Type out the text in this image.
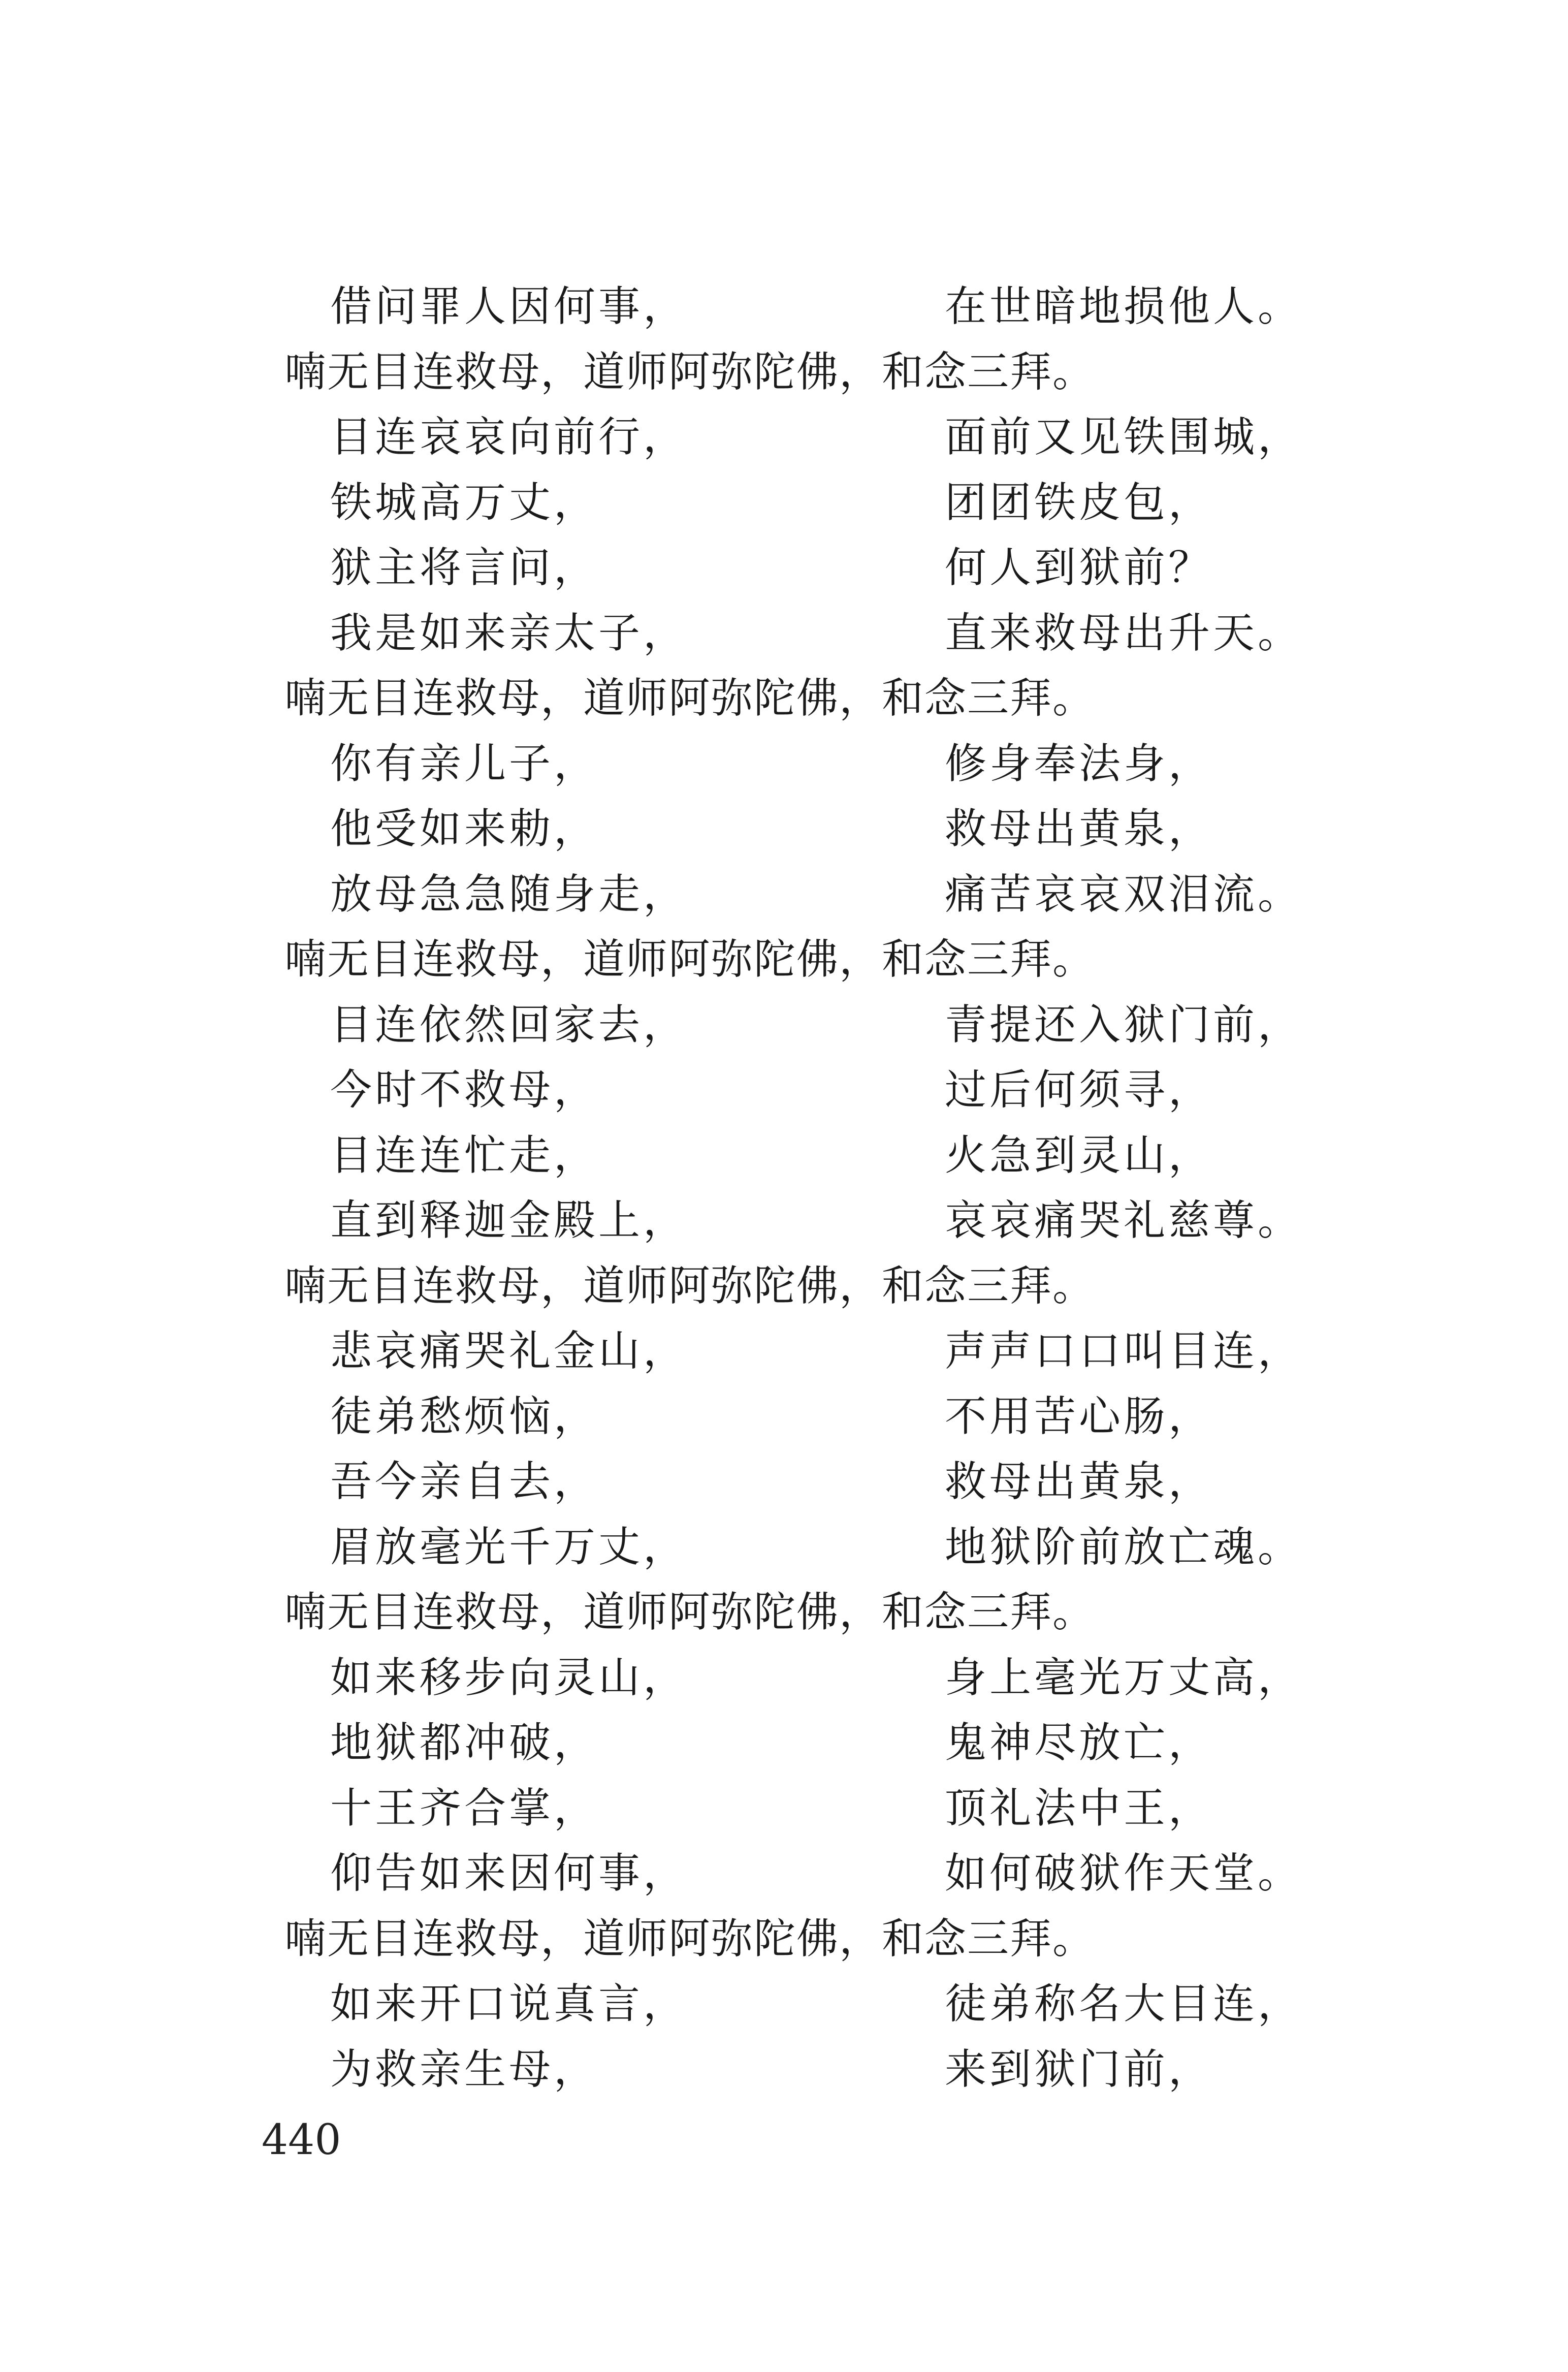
借问罪人因何事，	在世暗地损他人。
喃无目连救母，道师阿弥陀佛，和念三拜。
目连哀哀向前行，	面前又见铁围城，
铁城高万丈，	团团铁皮包，
狱主将言问，	何人到狱前？
我是如来亲太子，	直来救母出升天。
喃无目连救母，道师阿弥陀佛，和念三拜。
你有亲儿子，	修身奉法身，
他受如来勅，	救母出黄泉，
放母急急随身走，	痛苦哀哀双泪流。
喃无目连救母，道师阿弥陀佛，和念三拜。
目连依然回家去，	青提还入狱门前，
今时不救母，	过后何须寻，
目连连忙走，	火急到灵山，
直到释迦金殿上，	哀哀痛哭礼慈尊。
喃无目连救母，道师阿弥陀佛，和念三拜。
悲哀痛哭礼金山，	声声口口叫目连，
徒弟愁烦恼，	不用苦心肠，
吾今亲自去，	救母出黄泉，
眉放毫光千万丈，	地狱阶前放亡魂。
喃无目连救母，道师阿弥陀佛，和念三拜。
如来移步向灵山，	身上毫光万丈高，
地狱都冲破，	鬼神尽放亡，
十王齐合掌，	顶礼法中王，
仰告如来因何事，	如何破狱作天堂。
喃无目连救母，道师阿弥陀佛，和念三拜。
如来开口说真言，	徒弟称名大目连，
为救亲生母，	来到狱门前，
440
